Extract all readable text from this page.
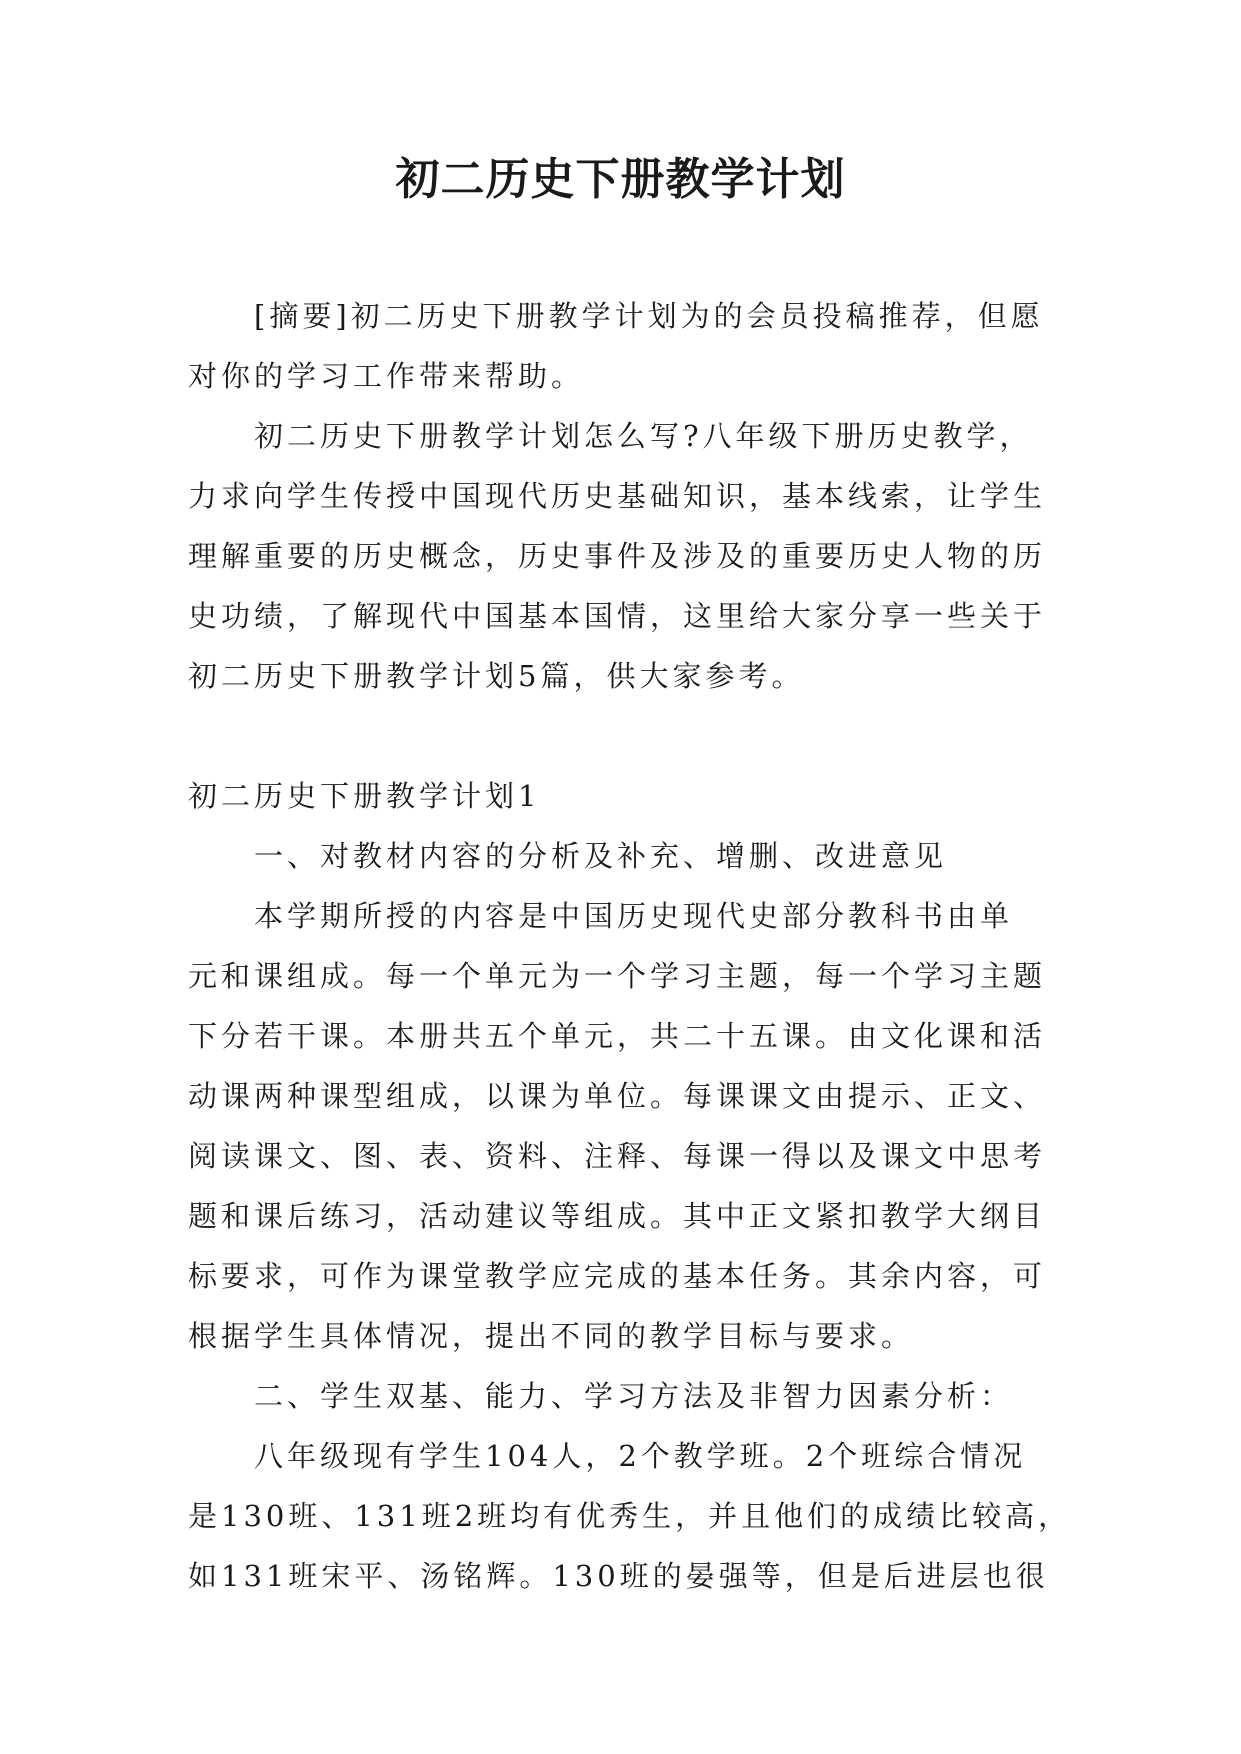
初二历史下册教学计划
[摘要]初二历史下册教学计划为的会员投稿推荐，但愿
对你的学习工作带来帮助。
初二历史下册教学计划怎么写?八年级下册历史教学，
力求向学生传授中国现代历史基础知识，基本线索，让学生
理解重要的历史概念，历史事件及涉及的重要历史人物的历
史功绩，了解现代中国基本国情，这里给大家分享一些关于
初二历史下册教学计划5篇，供大家参考。
初二历史下册教学计划1
一、对教材内容的分析及补充、增删、改进意见
本学期所授的内容是中国历史现代史部分教科书由单
元和课组成。每一个单元为一个学习主题，每一个学习主题
下分若干课。本册共五个单元，共二十五课。由文化课和活
动课两种课型组成，以课为单位。每课课文由提示、正文、
阅读课文、图、表、资料、注释、每课一得以及课文中思考
题和课后练习，活动建议等组成。其中正文紧扣教学大纲目
标要求，可作为课堂教学应完成的基本任务。其余内容，可
根据学生具体情况，提出不同的教学目标与要求。
二、学生双基、能力、学习方法及非智力因素分析：
八年级现有学生104人，2个教学班。2个班综合情况
是130班、131班2班均有优秀生，并且他们的成绩比较高，
如131班宋平、汤铭辉。130班的晏强等，但是后进层也很
